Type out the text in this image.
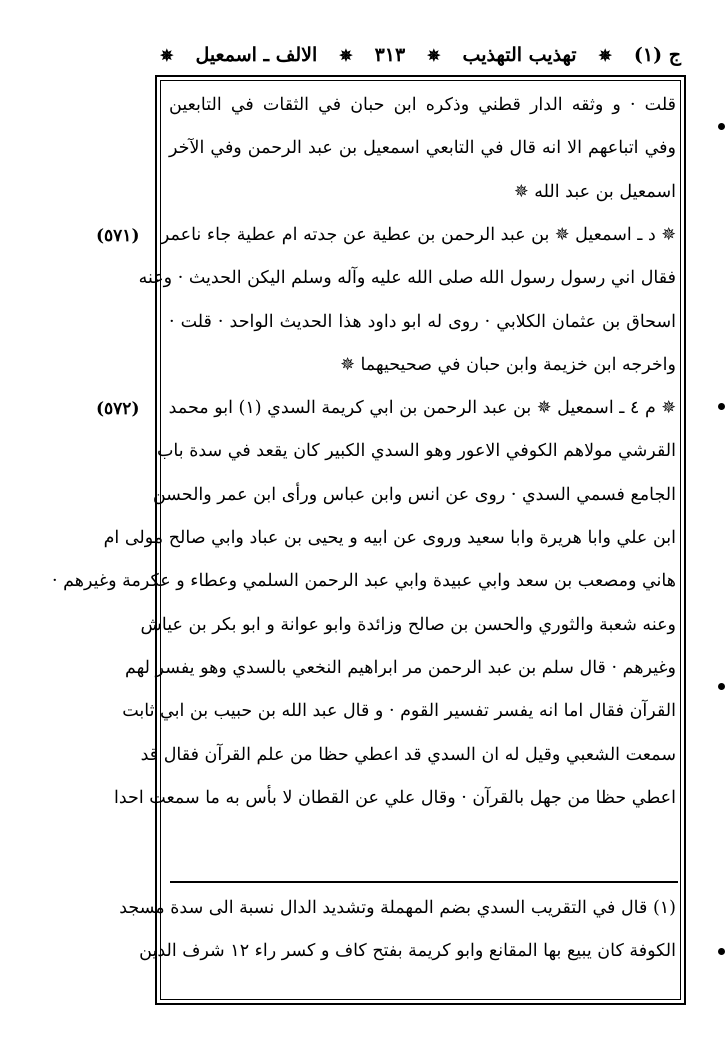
ج (١)
✵
تهذيب التهذيب
✵
٣١٣
✵
الالف ـ اسمعيل
✵
قلت · و وثقه الدار قطني وذكره ابن حبان في الثقات في التابعين
وفي اتباعهم الا انه قال في التابعي اسمعيل بن عبد الرحمن وفي الآخر
اسمعيل بن عبد الله ✵
✵ د ـ اسمعيل ✵ بن عبد الرحمن بن عطية عن جدته ام عطية جاء ناعمر
فقال اني رسول رسول الله صلى الله عليه وآله وسلم اليكن الحديث · وعنه
اسحاق بن عثمان الكلابي · روى له ابو داود هذا الحديث الواحد · قلت ·
واخرجه ابن خزيمة وابن حبان في صحيحيهما ✵
✵ م ٤ ـ اسمعيل ✵ بن عبد الرحمن بن ابي كريمة السدي (١) ابو محمد
القرشي مولاهم الكوفي الاعور وهو السدي الكبير كان يقعد في سدة باب
الجامع فسمي السدي · روى عن انس وابن عباس ورأى ابن عمر والحسن
ابن علي وابا هريرة وابا سعيد وروى عن ابيه و يحيى بن عباد وابي صالح مولى ام
هاني ومصعب بن سعد وابي عبيدة وابي عبد الرحمن السلمي وعطاء و عكرمة وغيرهم ·
وعنه شعبة والثوري والحسن بن صالح وزائدة وابو عوانة و ابو بكر بن عياش
وغيرهم · قال سلم بن عبد الرحمن مر ابراهيم النخعي بالسدي وهو يفسر لهم
القرآن فقال اما انه يفسر تفسير القوم · و قال عبد الله بن حبيب بن ابي ثابت
سمعت الشعبي وقيل له ان السدي قد اعطي حظا من علم القرآن فقال قد
اعطي حظا من جهل بالقرآن · وقال علي عن القطان لا بأس به ما سمعت احدا
(٥٧١)
(٥٧٢)
(١) قال في التقريب السدي بضم المهملة وتشديد الدال نسبة الى سدة مسجد
الكوفة كان يبيع بها المقانع وابو كريمة بفتح كاف و كسر راء ١٢ شرف الدين
